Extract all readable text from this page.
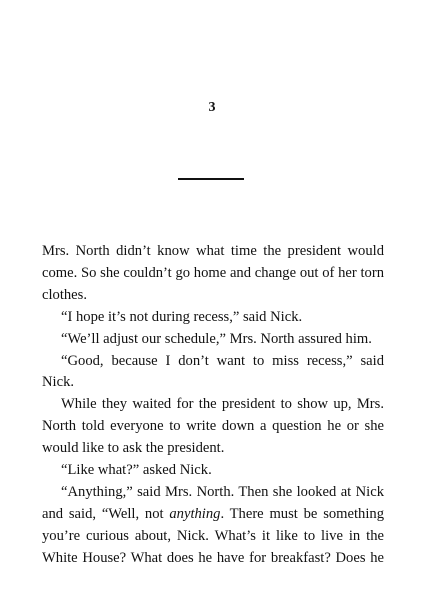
3

Mrs. North didn’t know what time the president would come. So she couldn’t go home and change out of her torn clothes.

“I hope it’s not during recess,” said Nick.

“We’ll adjust our schedule,” Mrs. North assured him.

“Good, because I don’t want to miss recess,” said Nick.

While they waited for the president to show up, Mrs. North told everyone to write down a question he or she would like to ask the president.

“Like what?” asked Nick.

“Anything,” said Mrs. North. Then she looked at Nick and said, “Well, not anything. There must be something you’re curious about, Nick. What’s it like to live in the White House? What does he have for breakfast? Does he
